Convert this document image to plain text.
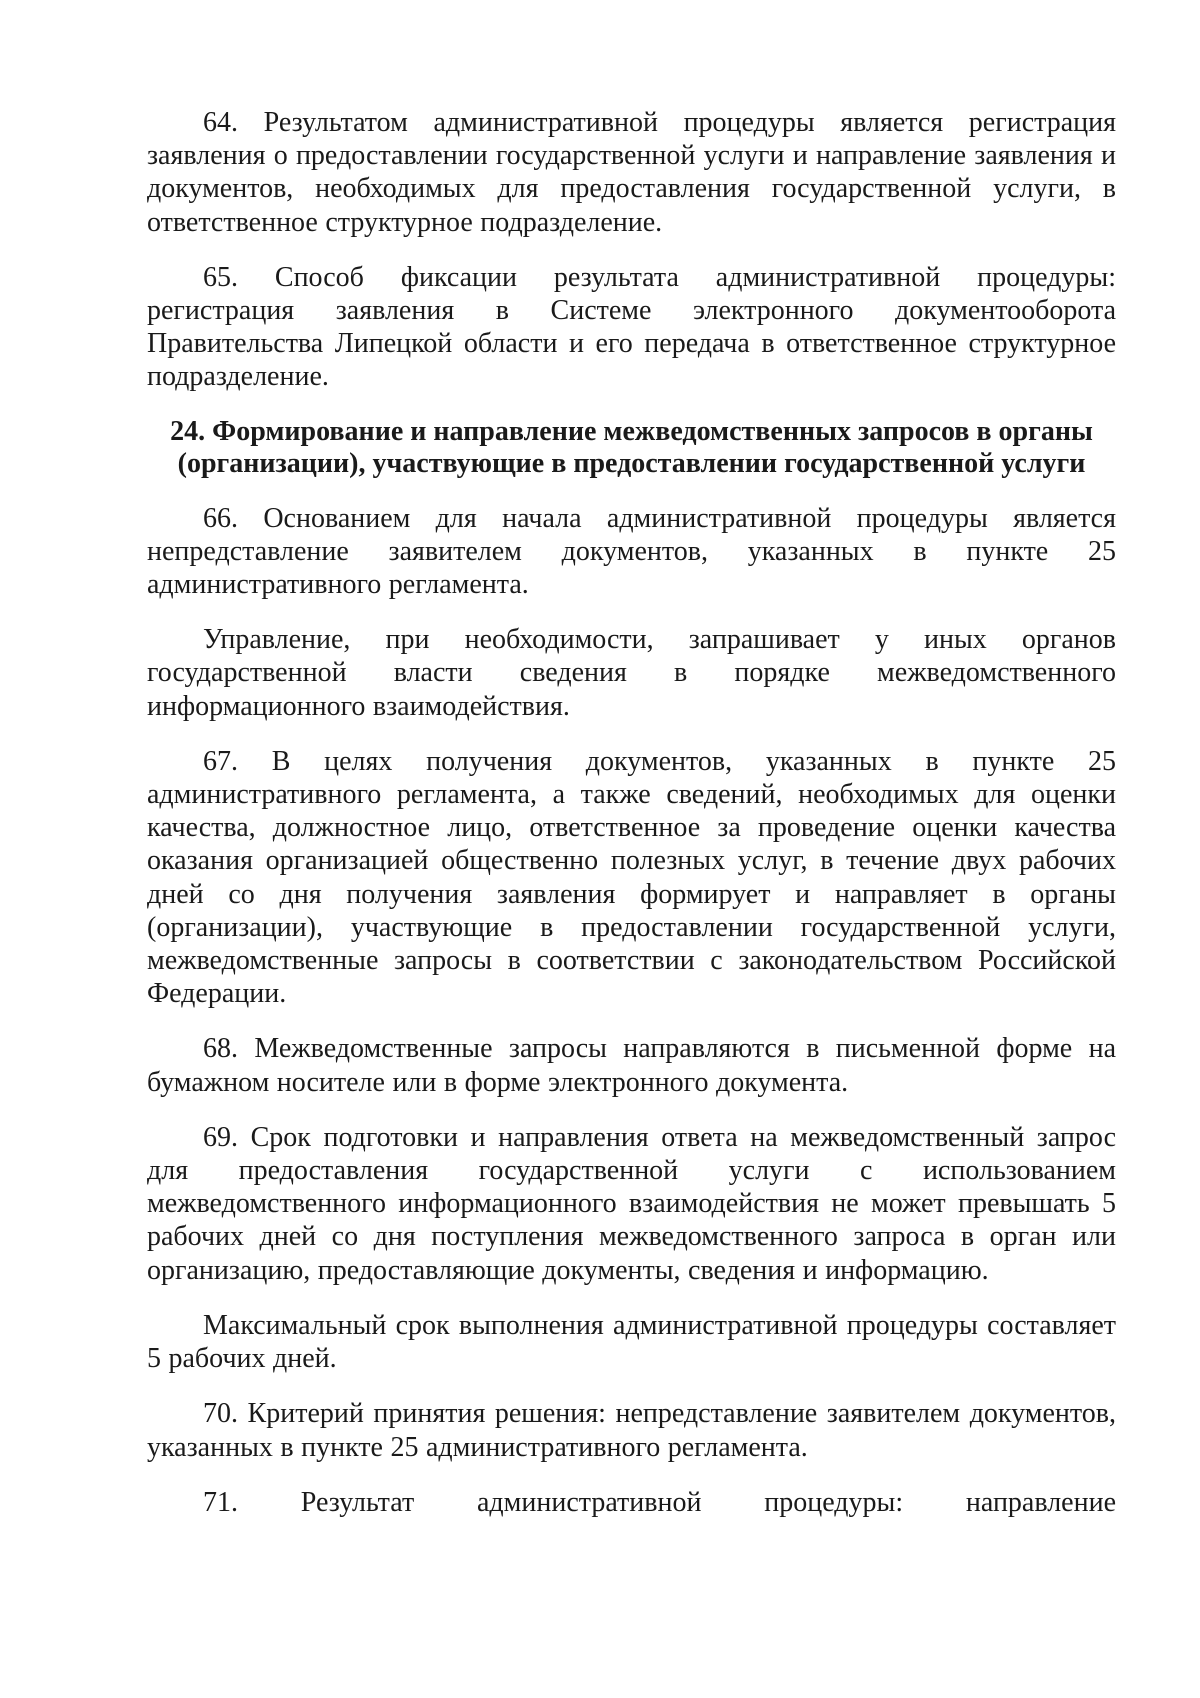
64. Результатом административной процедуры является регистрация заявления о предоставлении государственной услуги и направление заявления и документов, необходимых для предоставления государственной услуги, в ответственное структурное подразделение.

65. Способ фиксации результата административной процедуры: регистрация заявления в Системе электронного документооборота Правительства Липецкой области и его передача в ответственное структурное подразделение.

24. Формирование и направление межведомственных запросов в органы (организации), участвующие в предоставлении государственной услуги

66. Основанием для начала административной процедуры является непредставление заявителем документов, указанных в пункте 25 административного регламента.

Управление, при необходимости, запрашивает у иных органов государственной власти сведения в порядке межведомственного информационного взаимодействия.

67. В целях получения документов, указанных в пункте 25 административного регламента, а также сведений, необходимых для оценки качества, должностное лицо, ответственное за проведение оценки качества оказания организацией общественно полезных услуг, в течение двух рабочих дней со дня получения заявления формирует и направляет в органы (организации), участвующие в предоставлении государственной услуги, межведомственные запросы в соответствии с законодательством Российской Федерации.

68. Межведомственные запросы направляются в письменной форме на бумажном носителе или в форме электронного документа.

69. Срок подготовки и направления ответа на межведомственный запрос для предоставления государственной услуги с использованием межведомственного информационного взаимодействия не может превышать 5 рабочих дней со дня поступления межведомственного запроса в орган или организацию, предоставляющие документы, сведения и информацию.

Максимальный срок выполнения административной процедуры составляет 5 рабочих дней.

70. Критерий принятия решения: непредставление заявителем документов, указанных в пункте 25 административного регламента.

71. Результат административной процедуры: направление
